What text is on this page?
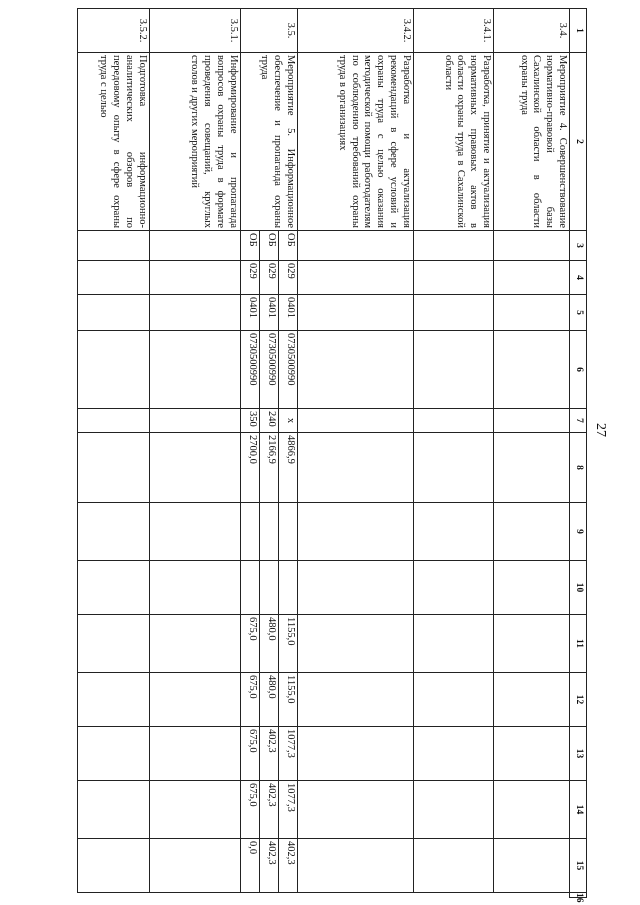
27
1	2	3	4	5	6	7	8	9	10	11	12	13	14	15	16
3.4.	Мероприятие 4. Совершенствование нормативно-правовой базы Сахалинской области в области охраны труда														
3.4.1.	Разработка, принятие и актуализация нормативных правовых актов в области охраны труда в Сахалинской области														
3.4.2.	Разработка и актуализация рекомендаций в сфере условий и охраны труда с целью оказания методической помощи работодателям по соблюдению требований охраны труда в организациях														
3.5.	Мероприятие 5. Информационное обеспечение и пропаганда охраны труда	ОБ	029	0401	0730500990	х	4866,9			1155,0	1155,0	1077,3	1077,3	402,3	
		ОБ	029	0401	0730500990	240	2166,9			480,0	480,0	402,3	402,3	402,3	
		ОБ	029	0401	0730500990	350	2700,0			675,0	675,0	675,0	675,0	0,0	
3.5.1.	Информирование и пропаганда вопросов охраны труда в формате проведения совещаний, круглых столов и других мероприятий														
3.5.2.	Подготовка информационно-аналитических обзоров по передовому опыту в сфере охраны труда с целью														
